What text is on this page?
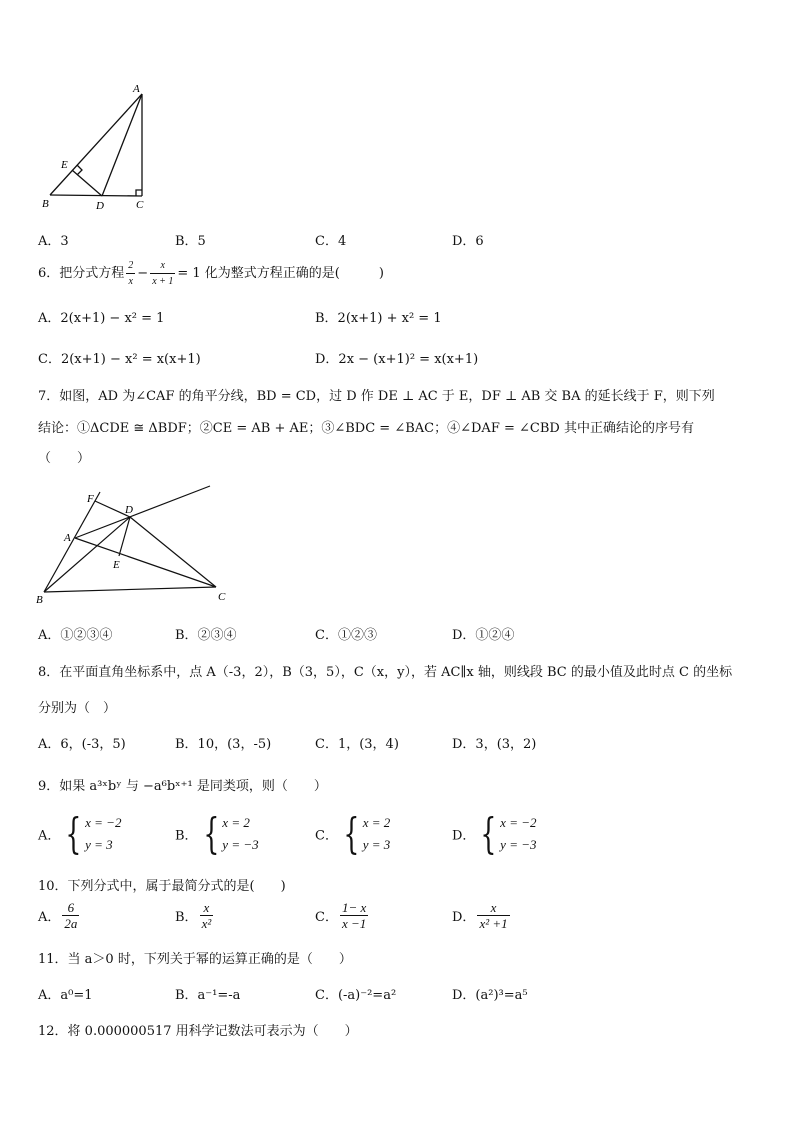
A
E
B	D	C
A．3	B．5	C．4	D．6
6．把分式方程 $\frac{2}{x} - \frac{x}{x + 1} = 1$ 化为整式方程正确的是(　　　)
A．2(x+1) − x² = 1	B．2(x+1) + x² = 1
C．2(x+1) − x² = x(x+1)	D．2x − (x+1)² = x(x+1)
7．如图，AD 为∠CAF 的角平分线，BD = CD，过 D 作 DE ⊥ AC 于 E，DF ⊥ AB 交 BA 的延长线于 F，则下列
结论：①ΔCDE ≅ ΔBDF；②CE = AB + AE；③∠BDC = ∠BAC；④∠DAF = ∠CBD 其中正确结论的序号有
（　　）
F
D
A
E
B	C
A．①②③④	B．②③④	C．①②③	D．①②④
8．在平面直角坐标系中，点 A（-3，2），B（3，5），C（x，y），若 AC∥x 轴，则线段 BC 的最小值及此时点 C 的坐标
分别为（　）
A．6，(-3，5)	B．10，(3，-5)	C．1，(3，4)	D．3，(3，2)
9．如果 a³ˣbʸ 与 −a⁶bˣ⁺¹ 是同类项，则（　　）
A． { x = −2
y = 3
B． { x = 2
y = −3
C． { x = 2
y = 3
D． { x = −2
y = −3
10．下列分式中，属于最简分式的是(　　)
A． $\frac{6}{2a}$	B． $\frac{x}{\text{x²}}$	C． $\frac{1- x}{x -1}$	D． $\frac{x}{\text{x² +1}}$
11．当 a＞0 时，下列关于幂的运算正确的是（　　）
A．a⁰=1	B．a⁻¹=-a	C．(-a)⁻²=a²	D．(a²)³=a⁵
12．将 0.000000517 用科学记数法可表示为（　　）
